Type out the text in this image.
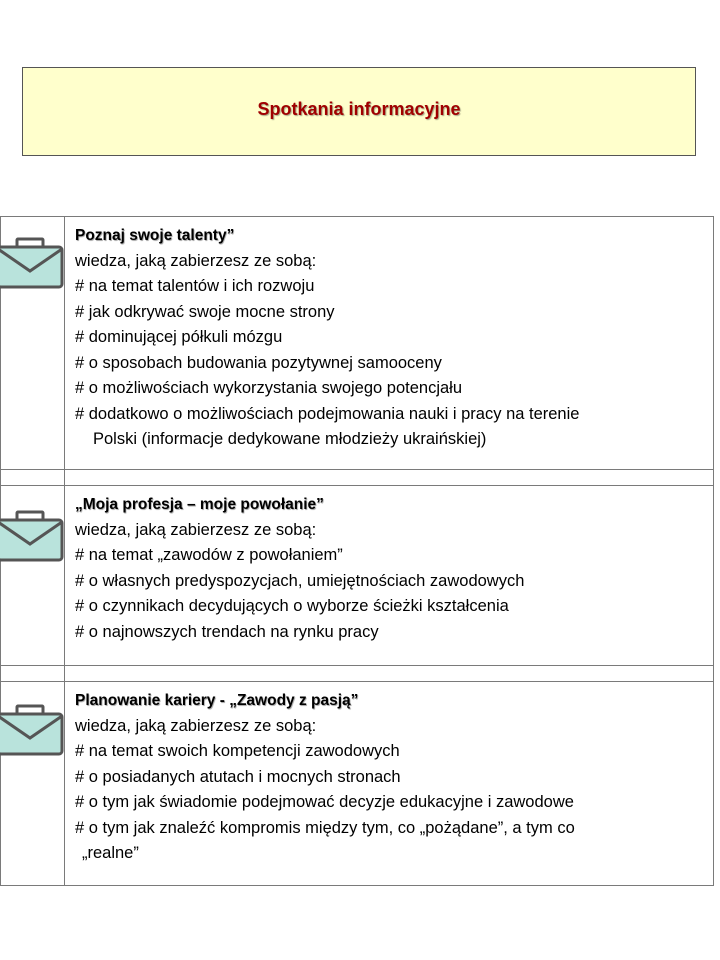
Spotkania informacyjne
Poznaj swoje talenty”
wiedza, jaką zabierzesz ze sobą:
# na temat talentów i ich rozwoju
# jak odkrywać swoje mocne strony
# dominującej półkuli mózgu
# o sposobach budowania pozytywnej samooceny
# o możliwościach wykorzystania swojego potencjału
# dodatkowo o możliwościach podejmowania nauki i pracy na terenie
Polski (informacje dedykowane młodzieży ukraińskiej)
„Moja profesja – moje powołanie”
wiedza, jaką zabierzesz ze sobą:
# na temat „zawodów z powołaniem”
# o własnych predyspozycjach, umiejętnościach zawodowych
# o czynnikach decydujących o wyborze ścieżki kształcenia
# o najnowszych trendach na rynku pracy
Planowanie kariery - „Zawody z pasją”
wiedza, jaką zabierzesz ze sobą:
# na temat swoich kompetencji zawodowych
# o posiadanych atutach i mocnych stronach
# o tym jak świadomie podejmować decyzje edukacyjne i zawodowe
# o tym jak znaleźć kompromis między tym, co „pożądane”, a tym co
„realne”
